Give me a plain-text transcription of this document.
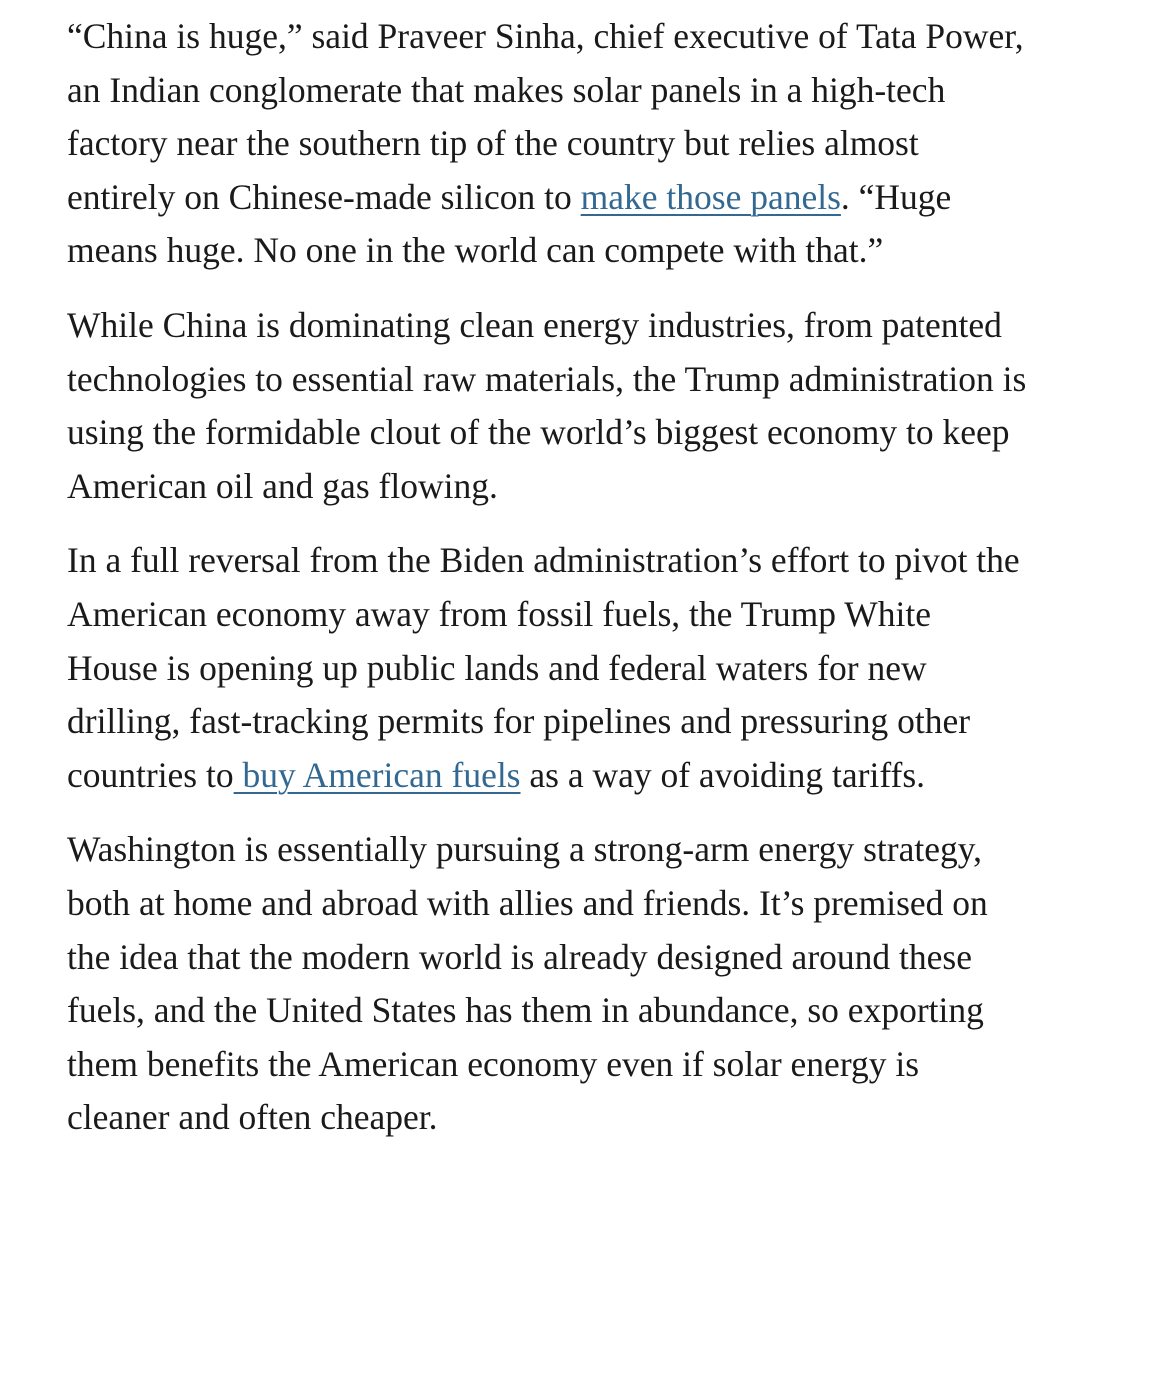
“China is huge,” said Praveer Sinha, chief executive of Tata Power, an Indian conglomerate that makes solar panels in a high-tech factory near the southern tip of the country but relies almost entirely on Chinese-made silicon to make those panels. “Huge means huge. No one in the world can compete with that.”

While China is dominating clean energy industries, from patented technologies to essential raw materials, the Trump administration is using the formidable clout of the world’s biggest economy to keep American oil and gas flowing.

In a full reversal from the Biden administration’s effort to pivot the American economy away from fossil fuels, the Trump White House is opening up public lands and federal waters for new drilling, fast-tracking permits for pipelines and pressuring other countries to buy American fuels as a way of avoiding tariffs.

Washington is essentially pursuing a strong-arm energy strategy, both at home and abroad with allies and friends. It’s premised on the idea that the modern world is already designed around these fuels, and the United States has them in abundance, so exporting them benefits the American economy even if solar energy is cleaner and often cheaper.
